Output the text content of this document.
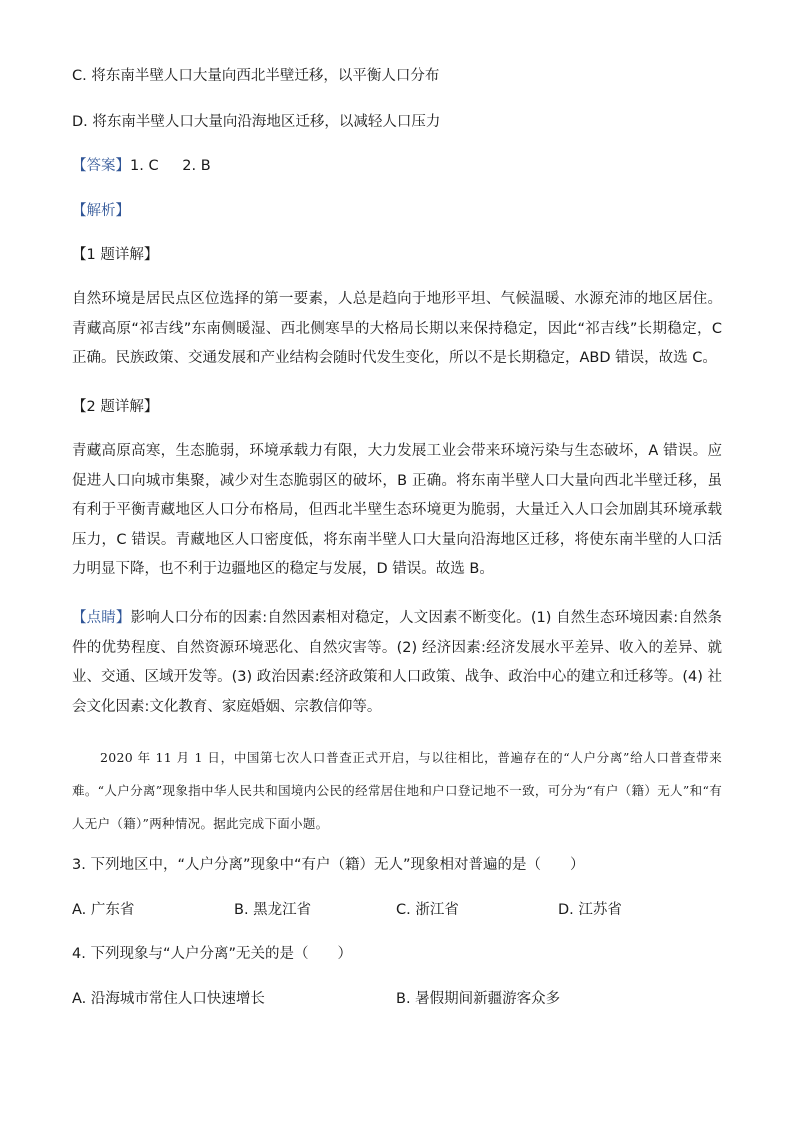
C. 将东南半壁人口大量向西北半壁迁移，以平衡人口分布
D. 将东南半壁人口大量向沿海地区迁移，以减轻人口压力
【答案】1. C 　 2. B
【解析】
【1 题详解】
自然环境是居民点区位选择的第一要素，人总是趋向于地形平坦、气候温暖、水源充沛的地区居住。青藏高原“祁吉线”东南侧暖湿、西北侧寒旱的大格局长期以来保持稳定，因此“祁吉线”长期稳定，C 正确。民族政策、交通发展和产业结构会随时代发生变化，所以不是长期稳定，ABD 错误，故选 C。
【2 题详解】
青藏高原高寒，生态脆弱，环境承载力有限，大力发展工业会带来环境污染与生态破坏，A 错误。应促进人口向城市集聚，减少对生态脆弱区的破坏，B 正确。将东南半壁人口大量向西北半壁迁移，虽有利于平衡青藏地区人口分布格局，但西北半壁生态环境更为脆弱，大量迁入人口会加剧其环境承载压力，C 错误。青藏地区人口密度低，将东南半壁人口大量向沿海地区迁移，将使东南半壁的人口活力明显下降，也不利于边疆地区的稳定与发展，D 错误。故选 B。
【点睛】影响人口分布的因素:自然因素相对稳定，人文因素不断变化。(1) 自然生态环境因素:自然条件的优势程度、自然资源环境恶化、自然灾害等。(2) 经济因素:经济发展水平差异、收入的差异、就业、交通、区域开发等。(3) 政治因素:经济政策和人口政策、战争、政治中心的建立和迁移等。(4) 社会文化因素:文化教育、家庭婚姻、宗教信仰等。
2020 年 11 月 1 日，中国第七次人口普查正式开启，与以往相比，普遍存在的“人户分离”给人口普查带来难。“人户分离”现象指中华人民共和国境内公民的经常居住地和户口登记地不一致，可分为“有户（籍）无人”和“有人无户（籍）”两种情况。据此完成下面小题。
3. 下列地区中，“人户分离”现象中“有户（籍）无人”现象相对普遍的是（　　）
A. 广东省	B. 黑龙江省	C. 浙江省	D. 江苏省
4. 下列现象与“人户分离”无关的是（　　）
A. 沿海城市常住人口快速增长	B. 暑假期间新疆游客众多
